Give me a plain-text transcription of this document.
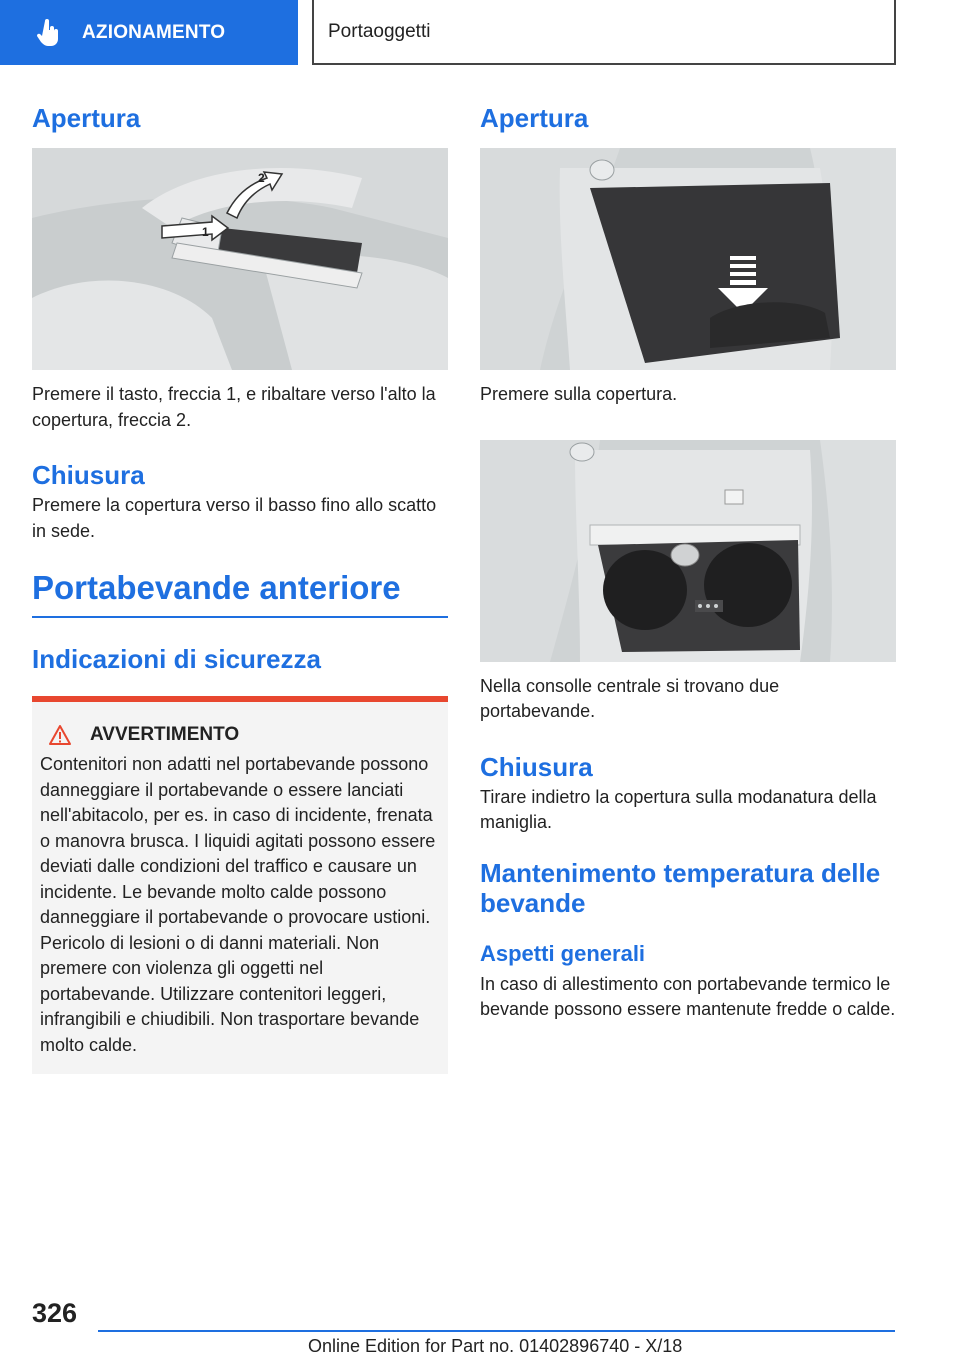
AZIONAMENTO	Portaoggetti
Apertura
1
2

Premere il tasto, freccia 1, e ribaltare verso l'alto la copertura, freccia 2.

Chiusura

Premere la copertura verso il basso fino allo scatto in sede.

Portabevande anteriore
Indicazioni di sicurezza
AVVERTIMENTO

Contenitori non adatti nel portabevande possono danneggiare il portabevande o essere lanciati nell'abitacolo, per es. in caso di incidente, frenata o manovra brusca. I liquidi agitati possono essere deviati dalle condizioni del traffico e causare un incidente. Le bevande molto calde possono danneggiare il portabevande o provocare ustioni. Pericolo di lesioni o di danni materiali. Non premere con violenza gli oggetti nel portabevande. Utilizzare contenitori leggeri, infrangibili e chiudibili. Non trasportare bevande molto calde.

Apertura

Premere sulla copertura.

Nella consolle centrale si trovano due portabevande.

Chiusura

Tirare indietro la copertura sulla modanatura della maniglia.

Mantenimento temperatura delle bevande
Aspetti generali

In caso di allestimento con portabevande termico le bevande possono essere mantenute fredde o calde.

326
Online Edition for Part no. 01402896740 - X/18
